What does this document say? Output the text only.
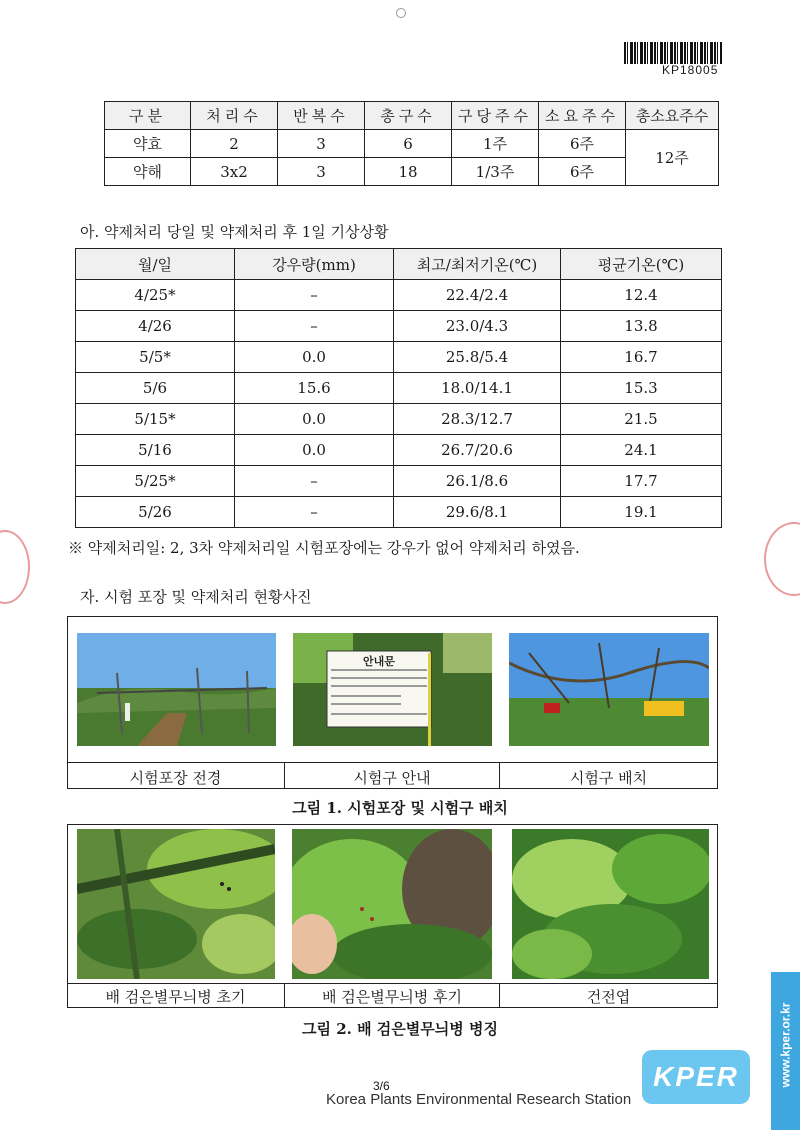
KP18005
구분	처리수	반복수	총구수	구당주수	소요주수	총소요주수
약효	2	3	6	1주	6주	12주
약해	3x2	3	18	1/3주	6주	
아. 약제처리 당일 및 약제처리 후 1일 기상상황
월/일	강우량(mm)	최고/최저기온(℃)	평균기온(℃)
4/25*	–	22.4/2.4	12.4
4/26	–	23.0/4.3	13.8
5/5*	0.0	25.8/5.4	16.7
5/6	15.6	18.0/14.1	15.3
5/15*	0.0	28.3/12.7	21.5
5/16	0.0	26.7/20.6	24.1
5/25*	–	26.1/8.6	17.7
5/26	–	29.6/8.1	19.1
※ 약제처리일: 2, 3차 약제처리일 시험포장에는 강우가 없어 약제처리 하였음.
자. 시험 포장 및 약제처리 현황사진
안내문
시험포장 전경	시험구 안내	시험구 배치
그림 1. 시험포장 및 시험구 배치
배 검은별무늬병 초기	배 검은별무늬병 후기	건전엽
그림 2. 배 검은별무늬병 병징
3/6
Korea Plants Environmental Research Station
KPER	www.kper.or.kr
